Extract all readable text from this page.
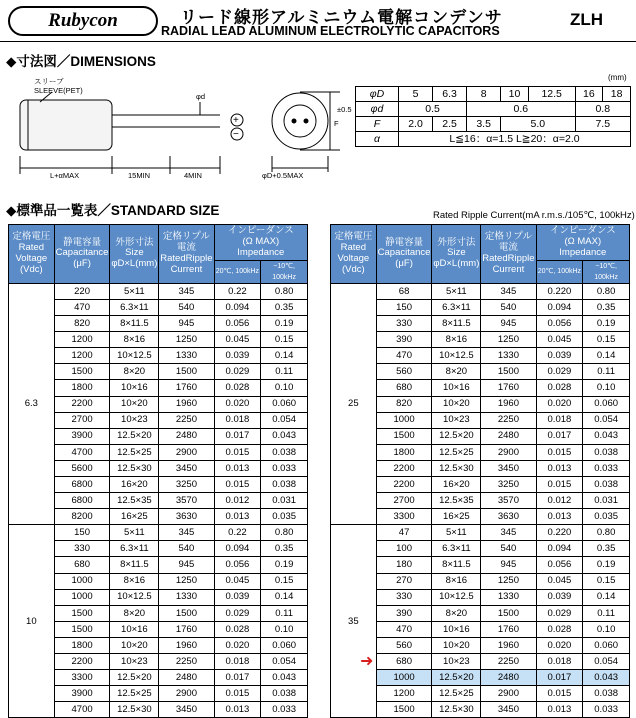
Rubycon	リード線形アルミニウム電解コンデンサ
RADIAL LEAD ALUMINUM ELECTROLYTIC CAPACITORS
ZLH
◆寸法図／DIMENSIONS
(mm)
スリーブ
SLEEVE(PET)
φd
L+αMAX	15MIN	4MIN	φD+0.5MAX
F
±0.5
+
−
φD	5	6.3	8	10	12.5	16	18
φd	0.5		0.6			0.8	
F	2.0	2.5	3.5	5.0		7.5	
α	L≦16：α=1.5 L≧20：α=2.0						
◆標準品一覧表／STANDARD SIZE	Rated Ripple Current(mA r.m.s./105℃, 100kHz)
定格電圧
Rated
Voltage
(Vdc)	静電容量
Capacitance
(μF)	外形寸法
Size
φD×L(mm)	定格リプル
電流
RatedRipple
Current	インピーダンス
(Ω MAX)
Impedance	
				20℃, 100kHz	−10℃, 100kHz
6.3	220	5×11	345	0.22	0.80
	470	6.3×11	540	0.094	0.35
	820	8×11.5	945	0.056	0.19
	1200	8×16	1250	0.045	0.15
	1200	10×12.5	1330	0.039	0.14
	1500	8×20	1500	0.029	0.11
	1800	10×16	1760	0.028	0.10
	2200	10×20	1960	0.020	0.060
	2700	10×23	2250	0.018	0.054
	3900	12.5×20	2480	0.017	0.043
	4700	12.5×25	2900	0.015	0.038
	5600	12.5×30	3450	0.013	0.033
	6800	16×20	3250	0.015	0.038
	6800	12.5×35	3570	0.012	0.031
	8200	16×25	3630	0.013	0.035
10	150	5×11	345	0.22	0.80
	330	6.3×11	540	0.094	0.35
	680	8×11.5	945	0.056	0.19
	1000	8×16	1250	0.045	0.15
	1000	10×12.5	1330	0.039	0.14
	1500	8×20	1500	0.029	0.11
	1500	10×16	1760	0.028	0.10
	1800	10×20	1960	0.020	0.060
	2200	10×23	2250	0.018	0.054
	3300	12.5×20	2480	0.017	0.043
	3900	12.5×25	2900	0.015	0.038
	4700	12.5×30	3450	0.013	0.033
定格電圧
Rated
Voltage
(Vdc)	静電容量
Capacitance
(μF)	外形寸法
Size
φD×L(mm)	定格リプル
電流
RatedRipple
Current	インピーダンス
(Ω MAX)
Impedance	
				20℃, 100kHz	−10℃, 100kHz
25	68	5×11	345	0.220	0.80
	150	6.3×11	540	0.094	0.35
	330	8×11.5	945	0.056	0.19
	390	8×16	1250	0.045	0.15
	470	10×12.5	1330	0.039	0.14
	560	8×20	1500	0.029	0.11
	680	10×16	1760	0.028	0.10
	820	10×20	1960	0.020	0.060
	1000	10×23	2250	0.018	0.054
	1500	12.5×20	2480	0.017	0.043
	1800	12.5×25	2900	0.015	0.038
	2200	12.5×30	3450	0.013	0.033
	2200	16×20	3250	0.015	0.038
	2700	12.5×35	3570	0.012	0.031
	3300	16×25	3630	0.013	0.035
35	47	5×11	345	0.220	0.80
	100	6.3×11	540	0.094	0.35
	180	8×11.5	945	0.056	0.19
	270	8×16	1250	0.045	0.15
	330	10×12.5	1330	0.039	0.14
	390	8×20	1500	0.029	0.11
	470	10×16	1760	0.028	0.10
	560	10×20	1960	0.020	0.060
	680	10×23	2250	0.018	0.054
	1000	12.5×20	2480	0.017	0.043
	1200	12.5×25	2900	0.015	0.038
	1500	12.5×30	3450	0.013	0.033
➜
